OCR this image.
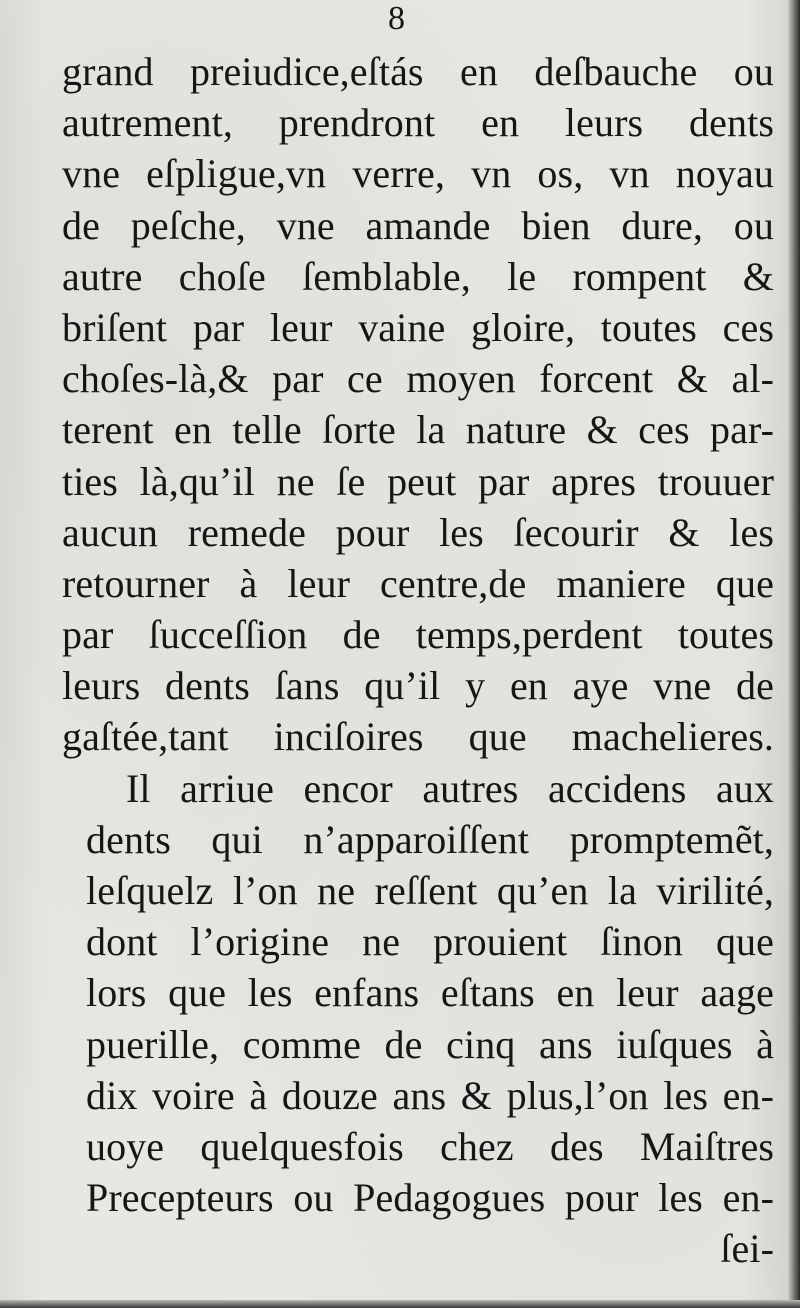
8
grand preiudice,eſtás en deſbauche ou
autrement, prendront en leurs dents
vne eſpligue,vn verre, vn os, vn noyau
de peſche, vne amande bien dure, ou
autre choſe ſemblable, le rompent &
briſent par leur vaine gloire, toutes ces
choſes-là,& par ce moyen forcent & al-
terent en telle ſorte la nature & ces par-
ties là,qu’il ne ſe peut par apres trouuer
aucun remede pour les ſecourir & les
retourner à leur centre,de maniere que
par ſucceſſion de temps,perdent toutes
leurs dents ſans qu’il y en aye vne de
gaſtée,tant inciſoires que machelieres.
Il arriue encor autres accidens aux
dents qui n’apparoiſſent promptemẽt,
leſquelz l’on ne reſſent qu’en la virilité,
dont l’origine ne prouient ſinon que
lors que les enfans eſtans en leur aage
puerille, comme de cinq ans iuſques à
dix voire à douze ans & plus,l’on les en-
uoye quelquesfois chez des Maiſtres
Precepteurs ou Pedagogues pour les en-
ſei-
